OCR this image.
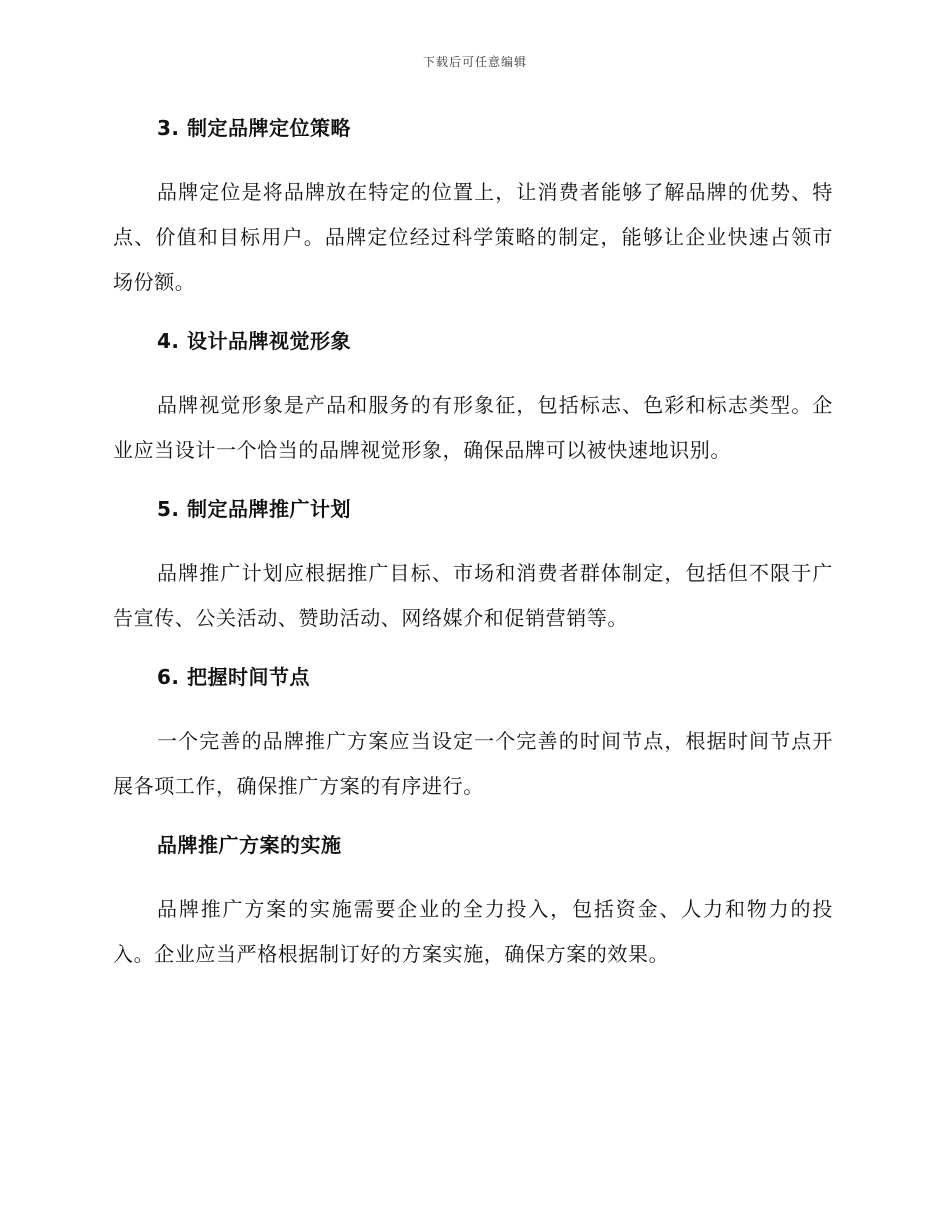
下载后可任意编辑
3. 制定品牌定位策略

品牌定位是将品牌放在特定的位置上，让消费者能够了解品牌的优势、特点、价值和目标用户。品牌定位经过科学策略的制定，能够让企业快速占领市场份额。

4. 设计品牌视觉形象

品牌视觉形象是产品和服务的有形象征，包括标志、色彩和标志类型。企业应当设计一个恰当的品牌视觉形象，确保品牌可以被快速地识别。

5. 制定品牌推广计划

品牌推广计划应根据推广目标、市场和消费者群体制定，包括但不限于广告宣传、公关活动、赞助活动、网络媒介和促销营销等。

6. 把握时间节点

一个完善的品牌推广方案应当设定一个完善的时间节点，根据时间节点开展各项工作，确保推广方案的有序进行。

品牌推广方案的实施

品牌推广方案的实施需要企业的全力投入，包括资金、人力和物力的投入。企业应当严格根据制订好的方案实施，确保方案的效果。
